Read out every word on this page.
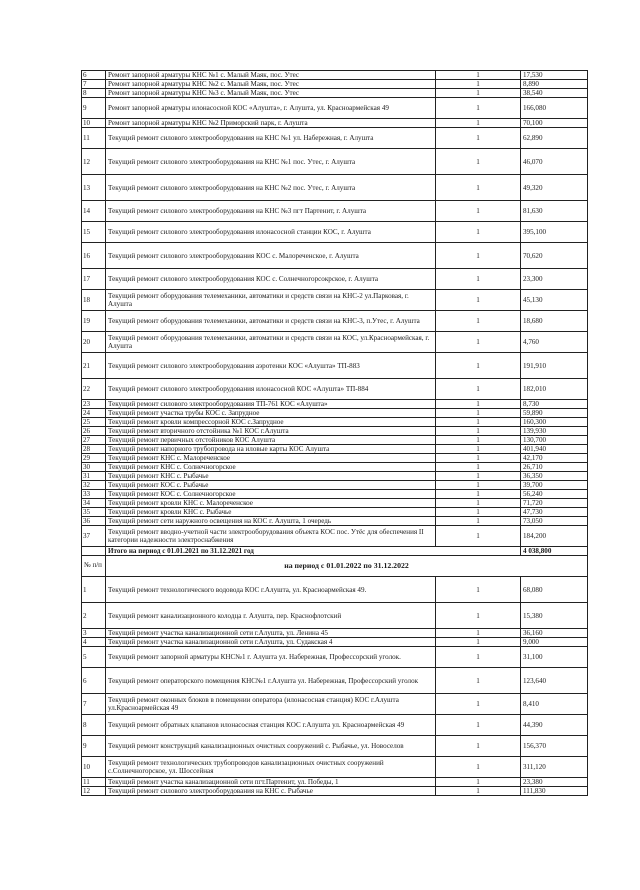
6	Ремонт запорной арматуры КНС №1 с. Малый Маяк, пос. Утес	1	17,530
7	Ремонт запорной арматуры КНС №2 с. Малый Маяк, пос. Утес	1	8,890
8	Ремонт запорной арматуры КНС №3 с. Малый Маяк, пос. Утес	1	38,540
9	Ремонт запорной арматуры илонасосной КОС «Алушта», г. Алушта, ул. Красноармейская 49	1	166,080
10	Ремонт запорной арматуры КНС №2 Приморский парк, г. Алушта	1	70,100
11	Текущий ремонт силового электрооборудования на КНС №1 ул. Набережная, г. Алушта	1	62,890
12	Текущий ремонт силового электрооборудования на КНС №1 пос. Утес, г. Алушта	1	46,070
13	Текущий ремонт силового электрооборудования на КНС №2 пос. Утес, г. Алушта	1	49,320
14	Текущий ремонт силового электрооборудования на КНС №3 пгт Партенит, г. Алушта	1	81,630
15	Текущий ремонт силового электрооборудования илонасосной станции КОС, г. Алушта	1	395,100
16	Текущий ремонт силового электрооборудования КОС с. Малореченское, г. Алушта	1	70,620
17	Текущий ремонт силового электрооборудования КОС с. Солнечногорсокрское, г. Алушта	1	23,300
18	Текущий ремонт оборудования телемеханики, автоматики и средств связи на КНС-2 ул.Парковая, г. Алушта	1	45,130
19	Текущий ремонт оборудования телемеханики, автоматики и средств связи на КНС-3, п.Утес, г. Алушта	1	18,680
20	Текущий ремонт оборудования телемеханики, автоматики и средств связи на КОС, ул.Красноармейская, г. Алушта	1	4,760
21	Текущий ремонт силового электрооборудования аэротенки КОС «Алушта» ТП-883	1	191,910
22	Текущий ремонт силового электрооборудования илонасосной КОС «Алушта» ТП-884	1	182,010
23	Текущий ремонт силового электрооборудования ТП-761 КОС «Алушта»	1	8,730
24	Текущий ремонт участка трубы КОС с. Запрудное	1	59,890
25	Текущий ремонт кровли компрессорной КОС с.Запрудное	1	160,300
26	Текущий ремонт вторичного отстойника №1 КОС г.Алушта	1	139,930
27	Текущий ремонт первичных отстойников КОС Алушта	1	130,700
28	Текущий ремонт напорного трубопровода на иловые карты КОС Алушта	1	401,940
29	Текущий ремонт КНС с. Малореченское	1	42,170
30	Текущий ремонт КНС с. Солнечногорское	1	26,710
31	Текущий ремонт КНС с. Рыбачье	1	36,350
32	Текущий ремонт КОС с. Рыбачье	1	39,700
33	Текущий ремонт КОС с. Солнечногорское	1	56,240
34	Текущий ремонт кровли КНС с. Малореченское	1	71,720
35	Текущий ремонт кровли КНС с. Рыбачье	1	47,730
36	Текущий ремонт сети наружного освещения на КОС г. Алушта, 1 очередь	1	73,050
37	Текущий ремонт вводно-учетной части электрооборудования объекта КОС пос. Утёс для обеспечения II категории надежности электроснабжения	1	184,200
	Итого на период с 01.01.2021 по 31.12.2021 год		4 038,800
№ п/п	на период с 01.01.2022 по 31.12.2022		
1	Текущий ремонт технологического водовода КОС г.Алушта, ул. Красноармейская 49.	1	68,080
2	Текущий ремонт канализационного колодца г. Алушта, пер. Краснофлотский	1	15,380
3	Текущий ремонт участка канализационной сети г.Алушта, ул. Ленина 45	1	36,160
4	Текущий ремонт участка канализационной сети г.Алушта, ул. Судакская 4	1	9,000
5	Текущий ремонт запорной арматуры КНС№1 г. Алушта ул. Набережная, Профессорский уголок.	1	31,100
6	Текущий ремонт операторского помещения КНС№1 г.Алушта ул. Набережная, Профессорский уголок	1	123,640
7	Текущий ремонт оконных блоков в помещении оператора (илонасосная станция) КОС г.Алушта ул.Красноармейская 49	1	8,410
8	Текущий ремонт обратных клапанов илонасосная станция КОС г.Алушта ул. Красноармейская 49	1	44,390
9	Текущий ремонт конструкций канализационных очистных сооружений с. Рыбачье, ул. Новоселов	1	156,370
10	Текущий ремонт технологических трубопроводов канализационных очистных сооружений с.Солнечногорское, ул. Шоссейная	1	311,120
11	Текущий ремонт участка канализационной сети пгт.Партенит, ул. Победы, 1	1	23,380
12	Текущий ремонт силового электрооборудования на КНС с. Рыбачье	1	111,830
